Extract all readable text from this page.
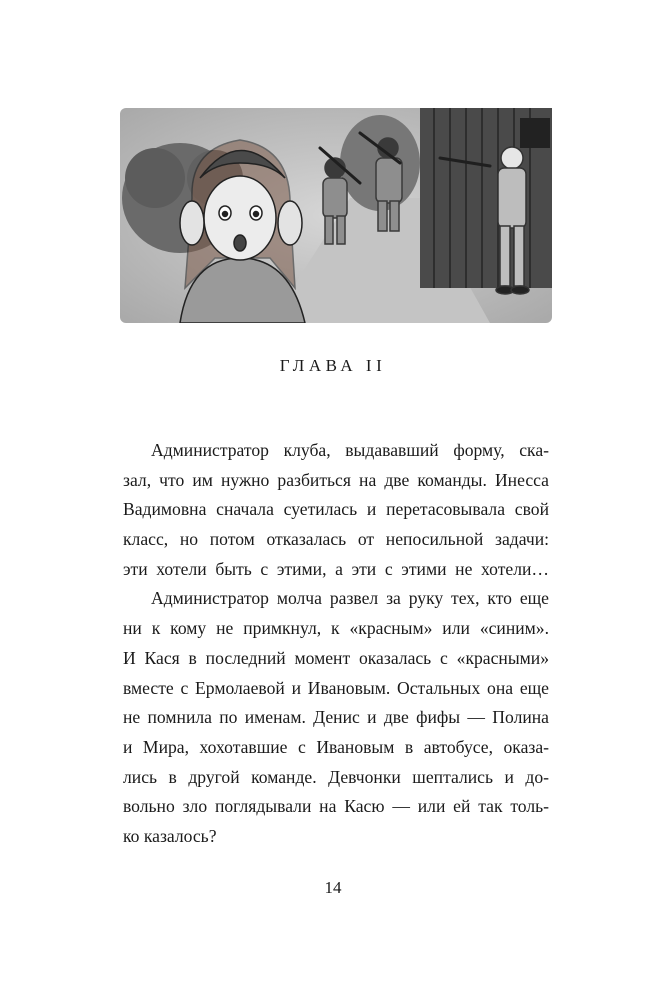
ГЛАВА II
Администратор клуба, выдававший форму, ска-
зал, что им нужно разбиться на две команды. Инесса
Вадимовна сначала суетилась и перетасовывала свой
класс, но потом отказалась от непосильной задачи:
эти хотели быть с этими, а эти с этими не хотели…
Администратор молча развел за руку тех, кто еще
ни к кому не примкнул, к «красным» или «синим».
И Кася в последний момент оказалась с «красными»
вместе с Ермолаевой и Ивановым. Остальных она еще
не помнила по именам. Денис и две фифы — Полина
и Мира, хохотавшие с Ивановым в автобусе, оказа-
лись в другой команде. Девчонки шептались и до-
вольно зло поглядывали на Касю — или ей так толь-
ко казалось?
14
